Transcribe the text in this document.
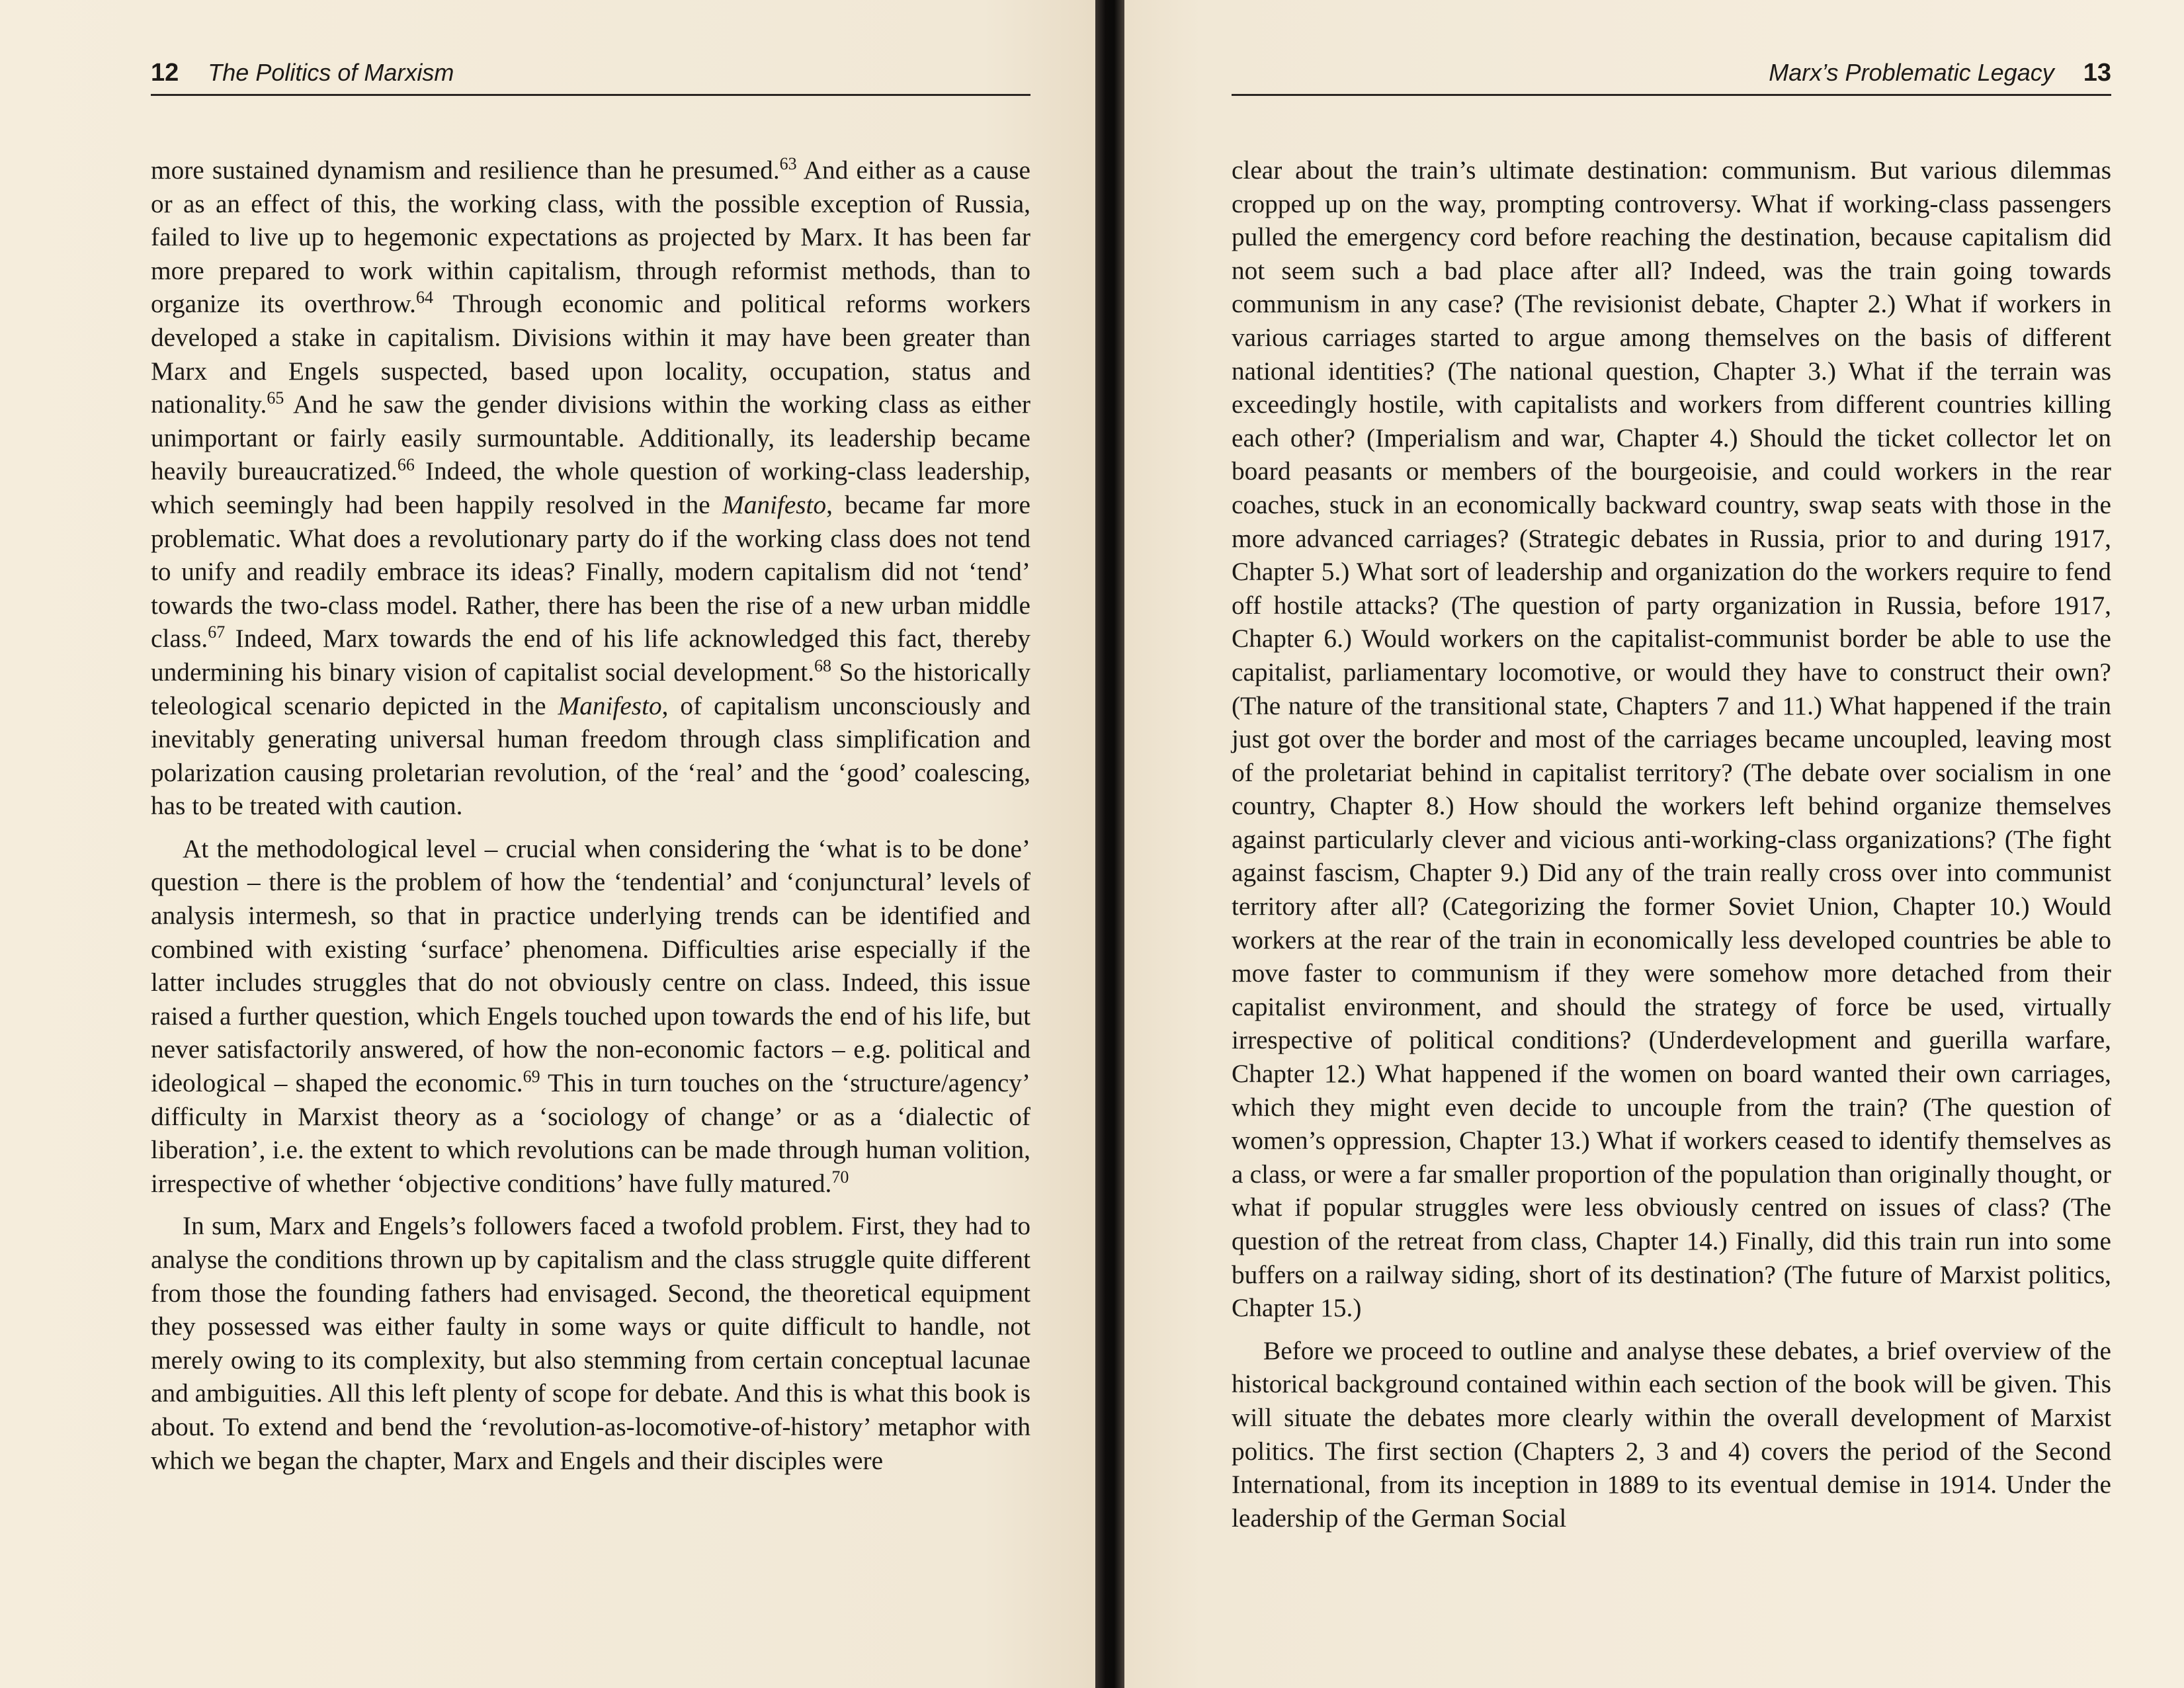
12 The Politics of Marxism

more sustained dynamism and resilience than he presumed.$^{63}$ And either as a cause or as an effect of this, the working class, with the possible exception of Russia, failed to live up to hegemonic expectations as projected by Marx. It has been far more prepared to work within capitalism, through reformist methods, than to organize its overthrow.$^{64}$ Through economic and political reforms workers developed a stake in capitalism. Divisions within it may have been greater than Marx and Engels suspected, based upon locality, occupation, status and nationality.$^{65}$ And he saw the gender divisions within the working class as either unimportant or fairly easily surmountable. Additionally, its leadership became heavily bureaucratized.$^{66}$ Indeed, the whole question of working-class leadership, which seemingly had been happily resolved in the Manifesto, became far more problematic. What does a revolutionary party do if the working class does not tend to unify and readily embrace its ideas? Finally, modern capitalism did not ‘tend’ towards the two-class model. Rather, there has been the rise of a new urban middle class.$^{67}$ Indeed, Marx towards the end of his life acknowledged this fact, thereby undermining his binary vision of capitalist social development.$^{68}$ So the historically teleological scenario depicted in the Manifesto, of capitalism unconsciously and inevitably generating universal human freedom through class simplification and polarization causing proletarian revolution, of the ‘real’ and the ‘good’ coalescing, has to be treated with caution.

At the methodological level – crucial when considering the ‘what is to be done’ question – there is the problem of how the ‘tendential’ and ‘conjunctural’ levels of analysis intermesh, so that in practice underlying trends can be identified and combined with existing ‘surface’ phenomena. Difficulties arise especially if the latter includes struggles that do not obviously centre on class. Indeed, this issue raised a further question, which Engels touched upon towards the end of his life, but never satisfactorily answered, of how the non-economic factors – e.g. political and ideological – shaped the economic.$^{69}$ This in turn touches on the ‘structure/agency’ difficulty in Marxist theory as a ‘sociology of change’ or as a ‘dialectic of liberation’, i.e. the extent to which revolutions can be made through human volition, irrespective of whether ‘objective conditions’ have fully matured.$^{70}$

In sum, Marx and Engels’s followers faced a twofold problem. First, they had to analyse the conditions thrown up by capitalism and the class struggle quite different from those the founding fathers had envisaged. Second, the theoretical equipment they possessed was either faulty in some ways or quite difficult to handle, not merely owing to its complexity, but also stemming from certain conceptual lacunae and ambiguities. All this left plenty of scope for debate. And this is what this book is about. To extend and bend the ‘revolution-as-locomotive-of-history’ metaphor with which we began the chapter, Marx and Engels and their disciples were

Marx’s Problematic Legacy 13

clear about the train’s ultimate destination: communism. But various dilemmas cropped up on the way, prompting controversy. What if working-class passengers pulled the emergency cord before reaching the destination, because capitalism did not seem such a bad place after all? Indeed, was the train going towards communism in any case? (The revisionist debate, Chapter 2.) What if workers in various carriages started to argue among themselves on the basis of different national identities? (The national question, Chapter 3.) What if the terrain was exceedingly hostile, with capitalists and workers from different countries killing each other? (Imperialism and war, Chapter 4.) Should the ticket collector let on board peasants or members of the bourgeoisie, and could workers in the rear coaches, stuck in an economically backward country, swap seats with those in the more advanced carriages? (Strategic debates in Russia, prior to and during 1917, Chapter 5.) What sort of leadership and organization do the workers require to fend off hostile attacks? (The question of party organization in Russia, before 1917, Chapter 6.) Would workers on the capitalist-communist border be able to use the capitalist, parliamentary locomotive, or would they have to construct their own? (The nature of the transitional state, Chapters 7 and 11.) What happened if the train just got over the border and most of the carriages became uncoupled, leaving most of the proletariat behind in capitalist territory? (The debate over socialism in one country, Chapter 8.) How should the workers left behind organize themselves against particularly clever and vicious anti-working-class organizations? (The fight against fascism, Chapter 9.) Did any of the train really cross over into communist territory after all? (Categorizing the former Soviet Union, Chapter 10.) Would workers at the rear of the train in economically less developed countries be able to move faster to communism if they were somehow more detached from their capitalist environment, and should the strategy of force be used, virtually irrespective of political conditions? (Underdevelopment and guerilla warfare, Chapter 12.) What happened if the women on board wanted their own carriages, which they might even decide to uncouple from the train? (The question of women’s oppression, Chapter 13.) What if workers ceased to identify themselves as a class, or were a far smaller proportion of the population than originally thought, or what if popular struggles were less obviously centred on issues of class? (The question of the retreat from class, Chapter 14.) Finally, did this train run into some buffers on a railway siding, short of its destination? (The future of Marxist politics, Chapter 15.)

Before we proceed to outline and analyse these debates, a brief overview of the historical background contained within each section of the book will be given. This will situate the debates more clearly within the overall development of Marxist politics. The first section (Chapters 2, 3 and 4) covers the period of the Second International, from its inception in 1889 to its eventual demise in 1914. Under the leadership of the German Social
